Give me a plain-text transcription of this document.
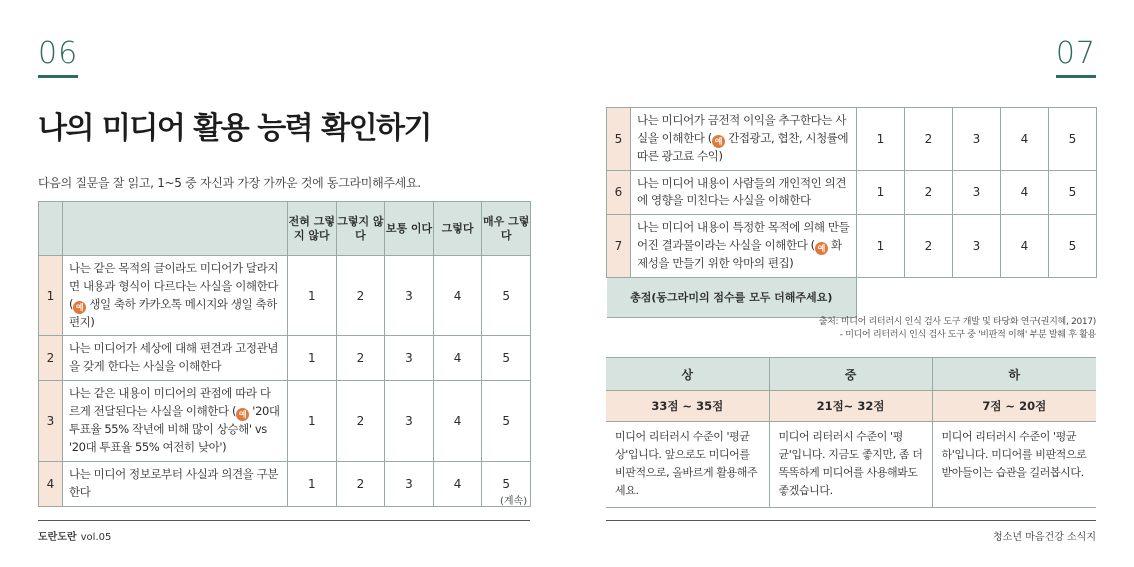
06
나의 미디어 활용 능력 확인하기
다음의 질문을 잘 읽고, 1~5 중 자신과 가장 가까운 것에 동그라미해주세요.
		전혀 그렇지 않다	그렇지 않다	보통 이다	그렇다	매우 그렇다
1	나는 같은 목적의 글이라도 미디어가 달라지면 내용과 형식이 다르다는 사실을 이해한다 ( 예 생일 축하 카카오톡 메시지와 생일 축하편지)	1	2	3	4	5
2	나는 미디어가 세상에 대해 편견과 고정관념을 갖게 한다는 사실을 이해한다	1	2	3	4	5
3	나는 같은 내용이 미디어의 관점에 따라 다르게 전달된다는 사실을 이해한다 ( 예 '20대 투표율 55% 작년에 비해 많이 상승해' vs '20대 투표율 55% 여전히 낮아')	1	2	3	4	5
4	나는 미디어 정보로부터 사실과 의견을 구분한다	1	2	3	4	5
(계속)
도란도란 vol.05
07
5	나는 미디어가 금전적 이익을 추구한다는 사실을 이해한다 ( 예 간접광고, 협찬, 시청률에 따른 광고료 수익)	1	2	3	4	5
6	나는 미디어 내용이 사람들의 개인적인 의견에 영향을 미친다는 사실을 이해한다	1	2	3	4	5
7	나는 미디어 내용이 특정한 목적에 의해 만들어진 결과물이라는 사실을 이해한다 ( 예 화제성을 만들기 위한 악마의 편집)	1	2	3	4	5
총점(동그라미의 점수를 모두 더해주세요)						
출처: 미디어 리터러시 인식 검사 도구 개발 및 타당화 연구(권지혜, 2017)
- 미디어 리터러시 인식 검사 도구 중 '비판적 이해' 부분 발췌 후 활용
상	중	하
33점 ~ 35점	21점~ 32점	7점 ~ 20점
미디어 리터러시 수준이 '평균 상'입니다. 앞으로도 미디어를 비판적으로, 올바르게 활용해주세요.	미디어 리터러시 수준이 '평균'입니다. 지금도 좋지만, 좀 더 똑똑하게 미디어를 사용해봐도 좋겠습니다.	미디어 리터러시 수준이 '평균 하'입니다. 미디어를 비판적으로 받아들이는 습관을 길러봅시다.
청소년 마음건강 소식지
